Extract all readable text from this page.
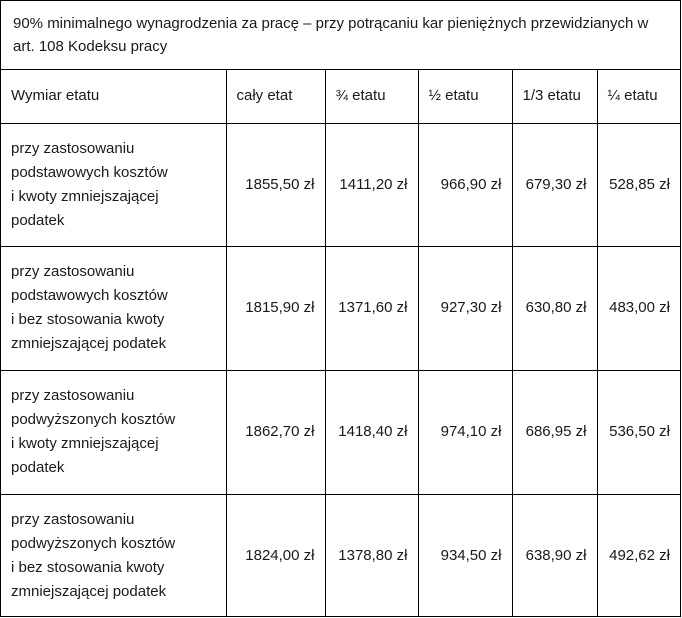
90% minimalnego wynagrodzenia za pracę – przy potrącaniu kar pieniężnych przewidzianych w art. 108 Kodeksu pracy
Wymiar etatu	cały etat	¾ etatu	½ etatu	1/3 etatu	¼ etatu

przy zastosowaniu
podstawowych kosztów
i kwoty zmniejszającej
podatek	1855,50 zł	1411,20 zł	966,90 zł	679,30 zł	528,85 zł

przy zastosowaniu
podstawowych kosztów
i bez stosowania kwoty
zmniejszającej podatek	1815,90 zł	1371,60 zł	927,30 zł	630,80 zł	483,00 zł

przy zastosowaniu
podwyższonych kosztów
i kwoty zmniejszającej
podatek	1862,70 zł	1418,40 zł	974,10 zł	686,95 zł	536,50 zł

przy zastosowaniu
podwyższonych kosztów
i bez stosowania kwoty
zmniejszającej podatek	1824,00 zł	1378,80 zł	934,50 zł	638,90 zł	492,62 zł
